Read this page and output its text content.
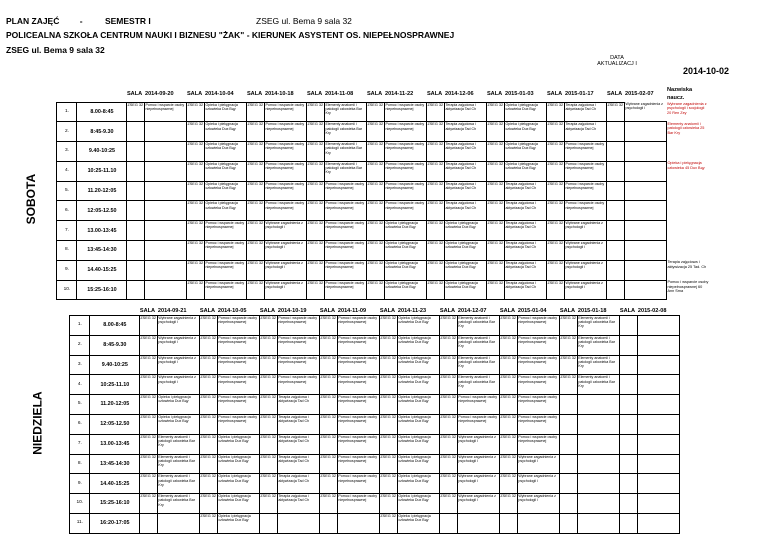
PLAN ZAJĘĆ -	SEMESTR I	ZSEG ul. Bema 9 sala 32
POLICEALNA SZKOŁA CENTRUM NAUKI I BIZNESU "ŻAK" - KIERUNEK ASYSTENT OS. NIEPEŁNOSPRAWNEJ
ZSEG ul. Bema 9 sala 32
DATA AKTUALIZACJ I
2014-10-02
			SALA	2014-09-20	SALA	2014-10-04	SALA	2014-10-18	SALA	2014-11-08	SALA	2014-11-22	SALA	2014-12-06	SALA	2015-01-03	SALA	2015-01-17	SALA	2015-02-07	Nazwiska naucz.
SOBOTA	1.	8.00-8:45	ZSEG 32	Pomoc i wsparcie osoby niepełnosprawnej	ZSEG 32	Opieka i pielęgnacja człowieka Dux Bąy	ZSEG 32	Pomoc i wsparcie osoby niepełnosprawnej	ZSEG 32	Elementy anatomii i patologii człowieka Bar Kry	ZSEG 32	Pomoc i wsparcie osoby niepełnosprawnej	ZSEG 32	Terapia zajęciowa i aktywizacja Tad Ch	ZSEG 32	Opieka i pielęgnacja człowieka Dux Bąy	ZSEG 32	Terapia zajęciowa i aktywizacja Tad Ch	ZSEG 32	Wybrane zagadnienia z psychologii i	Wybrane zagadnienia z psychologii i socjologii 20 Ren Zey
	2.	8:45-9.30			ZSEG 32	Opieka i pielęgnacja człowieka Dux Bąy	ZSEG 32	Pomoc i wsparcie osoby niepełnosprawnej	ZSEG 32	Elementy anatomii i patologii człowieka Bar Kry	ZSEG 32	Pomoc i wsparcie osoby niepełnosprawnej	ZSEG 32	Terapia zajęciowa i aktywizacja Tad Ch	ZSEG 32	Opieka i pielęgnacja człowieka Dux Bąy	ZSEG 32	Terapia zajęciowa i aktywizacja Tad Ch			Elementy anatomii i patologii człowieka 25 Bar Kry
	3.	9.40-10:25			ZSEG 32	Opieka i pielęgnacja człowieka Dux Bąy	ZSEG 32	Pomoc i wsparcie osoby niepełnosprawnej	ZSEG 32	Elementy anatomii i patologii człowieka Bar Kry	ZSEG 32	Pomoc i wsparcie osoby niepełnosprawnej	ZSEG 32	Terapia zajęciowa i aktywizacja Tad Ch	ZSEG 32	Opieka i pielęgnacja człowieka Dux Bąy	ZSEG 32	Pomoc i wsparcie osoby niepełnosprawnej			
	4.	10:25-11.10			ZSEG 32	Opieka i pielęgnacja człowieka Dux Bąy	ZSEG 32	Pomoc i wsparcie osoby niepełnosprawnej	ZSEG 32	Elementy anatomii i patologii człowieka Bar Kry	ZSEG 32	Pomoc i wsparcie osoby niepełnosprawnej	ZSEG 32	Terapia zajęciowa i aktywizacja Tad Ch	ZSEG 32	Opieka i pielęgnacja człowieka Dux Bąy	ZSEG 32	Pomoc i wsparcie osoby niepełnosprawnej			Opieka i pielęgnacja człowieka 45 Dux Bąy
	5.	11.20-12:05			ZSEG 32	Opieka i pielęgnacja człowieka Dux Bąy	ZSEG 32	Pomoc i wsparcie osoby niepełnosprawnej	ZSEG 32	Pomoc i wsparcie osoby niepełnosprawnej	ZSEG 32	Pomoc i wsparcie osoby niepełnosprawnej	ZSEG 32	Terapia zajęciowa i aktywizacja Tad Ch	ZSEG 32	Terapia zajęciowa i aktywizacja Tad Ch	ZSEG 32	Pomoc i wsparcie osoby niepełnosprawnej			
	6.	12:05-12.50			ZSEG 32	Opieka i pielęgnacja człowieka Dux Bąy	ZSEG 32	Pomoc i wsparcie osoby niepełnosprawnej	ZSEG 32	Pomoc i wsparcie osoby niepełnosprawnej	ZSEG 32	Pomoc i wsparcie osoby niepełnosprawnej	ZSEG 32	Terapia zajęciowa i aktywizacja Tad Ch	ZSEG 32	Terapia zajęciowa i aktywizacja Tad Ch	ZSEG 32	Pomoc i wsparcie osoby niepełnosprawnej			
	7.	13.00-13:45			ZSEG 32	Pomoc i wsparcie osoby niepełnosprawnej	ZSEG 32	Wybrane zagadnienia z psychologii i	ZSEG 32	Pomoc i wsparcie osoby niepełnosprawnej	ZSEG 32	Opieka i pielęgnacja człowieka Dux Bąy	ZSEG 32	Opieka i pielęgnacja człowieka Dux Bąy	ZSEG 32	Terapia zajęciowa i aktywizacja Tad Ch	ZSEG 32	Wybrane zagadnienia z psychologii i			
	8.	13:45-14:30			ZSEG 32	Pomoc i wsparcie osoby niepełnosprawnej	ZSEG 32	Wybrane zagadnienia z psychologii i	ZSEG 32	Pomoc i wsparcie osoby niepełnosprawnej	ZSEG 32	Opieka i pielęgnacja człowieka Dux Bąy	ZSEG 32	Opieka i pielęgnacja człowieka Dux Bąy	ZSEG 32	Terapia zajęciowa i aktywizacja Tad Ch	ZSEG 32	Wybrane zagadnienia z psychologii i			
	9.	14.40-15:25			ZSEG 32	Pomoc i wsparcie osoby niepełnosprawnej	ZSEG 32	Wybrane zagadnienia z psychologii i	ZSEG 32	Pomoc i wsparcie osoby niepełnosprawnej	ZSEG 32	Opieka i pielęgnacja człowieka Dux Bąy	ZSEG 32	Opieka i pielęgnacja człowieka Dux Bąy	ZSEG 32	Terapia zajęciowa i aktywizacja Tad Ch	ZSEG 32	Wybrane zagadnienia z psychologii i			Terapia zajęciowa i aktywizacja 25 Tad. Ch
	10.	15:25-16:10			ZSEG 32	Pomoc i wsparcie osoby niepełnosprawnej	ZSEG 32	Wybrane zagadnienia z psychologii i	ZSEG 32	Pomoc i wsparcie osoby niepełnosprawnej	ZSEG 32	Opieka i pielęgnacja człowieka Dux Bąy	ZSEG 32	Opieka i pielęgnacja człowieka Dux Bąy	ZSEG 32	Terapia zajęciowa i aktywizacja Tad Ch	ZSEG 32	Wybrane zagadnienia z psychologii i			Pomoc i wsparcie osoby niepełnosprawnej 60 Ann Sma
			SALA	2014-09-21	SALA	2014-10-05	SALA	2014-10-19	SALA	2014-11-09	SALA	2014-11-23	SALA	2014-12-07	SALA	2015-01-04	SALA	2015-01-18	SALA	2015-02-08	
NIEDZIELA	1.	8.00-8:45	ZSEG 32	Wybrane zagadnienia z psychologii i	ZSEG 32	Pomoc i wsparcie osoby niepełnosprawnej	ZSEG 32	Pomoc i wsparcie osoby niepełnosprawnej	ZSEG 32	Pomoc i wsparcie osoby niepełnosprawnej	ZSEG 32	Opieka i pielęgnacja człowieka Dux Bąy	ZSEG 32	Elementy anatomii i patologii człowieka Bar Kry	ZSEG 32	Pomoc i wsparcie osoby niepełnosprawnej	ZSEG 32	Elementy anatomii i patologii człowieka Bar Kry			
	2.	8:45-9.30	ZSEG 32	Wybrane zagadnienia z psychologii i	ZSEG 32	Pomoc i wsparcie osoby niepełnosprawnej	ZSEG 32	Pomoc i wsparcie osoby niepełnosprawnej	ZSEG 32	Pomoc i wsparcie osoby niepełnosprawnej	ZSEG 32	Opieka i pielęgnacja człowieka Dux Bąy	ZSEG 32	Elementy anatomii i patologii człowieka Bar Kry	ZSEG 32	Pomoc i wsparcie osoby niepełnosprawnej	ZSEG 32	Elementy anatomii i patologii człowieka Bar Kry			
	3.	9.40-10:25	ZSEG 32	Wybrane zagadnienia z psychologii i	ZSEG 32	Pomoc i wsparcie osoby niepełnosprawnej	ZSEG 32	Pomoc i wsparcie osoby niepełnosprawnej	ZSEG 32	Pomoc i wsparcie osoby niepełnosprawnej	ZSEG 32	Opieka i pielęgnacja człowieka Dux Bąy	ZSEG 32	Elementy anatomii i patologii człowieka Bar Kry	ZSEG 32	Pomoc i wsparcie osoby niepełnosprawnej	ZSEG 32	Elementy anatomii i patologii człowieka Bar Kry			
	4.	10:25-11.10	ZSEG 32	Wybrane zagadnienia z psychologii i	ZSEG 32	Pomoc i wsparcie osoby niepełnosprawnej	ZSEG 32	Pomoc i wsparcie osoby niepełnosprawnej	ZSEG 32	Pomoc i wsparcie osoby niepełnosprawnej	ZSEG 32	Opieka i pielęgnacja człowieka Dux Bąy	ZSEG 32	Elementy anatomii i patologii człowieka Bar Kry	ZSEG 32	Pomoc i wsparcie osoby niepełnosprawnej	ZSEG 32	Elementy anatomii i patologii człowieka Bar Kry			
	5.	11.20-12:05	ZSEG 32	Opieka i pielęgnacja człowieka Dux Bąy	ZSEG 32	Pomoc i wsparcie osoby niepełnosprawnej	ZSEG 32	Terapia zajęciowa i aktywizacja Tad Ch	ZSEG 32	Pomoc i wsparcie osoby niepełnosprawnej	ZSEG 32	Opieka i pielęgnacja człowieka Dux Bąy	ZSEG 32	Pomoc i wsparcie osoby niepełnosprawnej	ZSEG 32	Pomoc i wsparcie osoby niepełnosprawnej					
	6.	12:05-12.50	ZSEG 32	Opieka i pielęgnacja człowieka Dux Bąy	ZSEG 32	Pomoc i wsparcie osoby niepełnosprawnej	ZSEG 32	Terapia zajęciowa i aktywizacja Tad Ch	ZSEG 32	Pomoc i wsparcie osoby niepełnosprawnej	ZSEG 32	Opieka i pielęgnacja człowieka Dux Bąy	ZSEG 32	Pomoc i wsparcie osoby niepełnosprawnej	ZSEG 32	Pomoc i wsparcie osoby niepełnosprawnej					
	7.	13.00-13:45	ZSEG 32	Elementy anatomii i patologii człowieka Bar Kry	ZSEG 32	Opieka i pielęgnacja człowieka Dux Bąy	ZSEG 32	Terapia zajęciowa i aktywizacja Tad Ch	ZSEG 32	Pomoc i wsparcie osoby niepełnosprawnej	ZSEG 32	Opieka i pielęgnacja człowieka Dux Bąy	ZSEG 32	Wybrane zagadnienia z psychologii i	ZSEG 32	Pomoc i wsparcie osoby niepełnosprawnej					
	8.	13:45-14:30	ZSEG 32	Elementy anatomii i patologii człowieka Bar Kry	ZSEG 32	Opieka i pielęgnacja człowieka Dux Bąy	ZSEG 32	Terapia zajęciowa i aktywizacja Tad Ch	ZSEG 32	Pomoc i wsparcie osoby niepełnosprawnej	ZSEG 32	Opieka i pielęgnacja człowieka Dux Bąy	ZSEG 32	Wybrane zagadnienia z psychologii i	ZSEG 32	Wybrane zagadnienia z psychologii i					
	9.	14.40-15:25	ZSEG 32	Elementy anatomii i patologii człowieka Bar Kry	ZSEG 32	Opieka i pielęgnacja człowieka Dux Bąy	ZSEG 32	Terapia zajęciowa i aktywizacja Tad Ch	ZSEG 32	Pomoc i wsparcie osoby niepełnosprawnej	ZSEG 32	Opieka i pielęgnacja człowieka Dux Bąy	ZSEG 32	Wybrane zagadnienia z psychologii i	ZSEG 32	Wybrane zagadnienia z psychologii i					
	10.	15:25-16:10	ZSEG 32	Elementy anatomii i patologii człowieka Bar Kry	ZSEG 32	Opieka i pielęgnacja człowieka Dux Bąy	ZSEG 32	Terapia zajęciowa i aktywizacja Tad Ch	ZSEG 32	Pomoc i wsparcie osoby niepełnosprawnej	ZSEG 32	Opieka i pielęgnacja człowieka Dux Bąy	ZSEG 32	Wybrane zagadnienia z psychologii i	ZSEG 32	Wybrane zagadnienia z psychologii i					
	11.	16:20-17:05			ZSEG 32	Opieka i pielęgnacja człowieka Dux Bąy					ZSEG 32	Opieka i pielęgnacja człowieka Dux Bąy									
